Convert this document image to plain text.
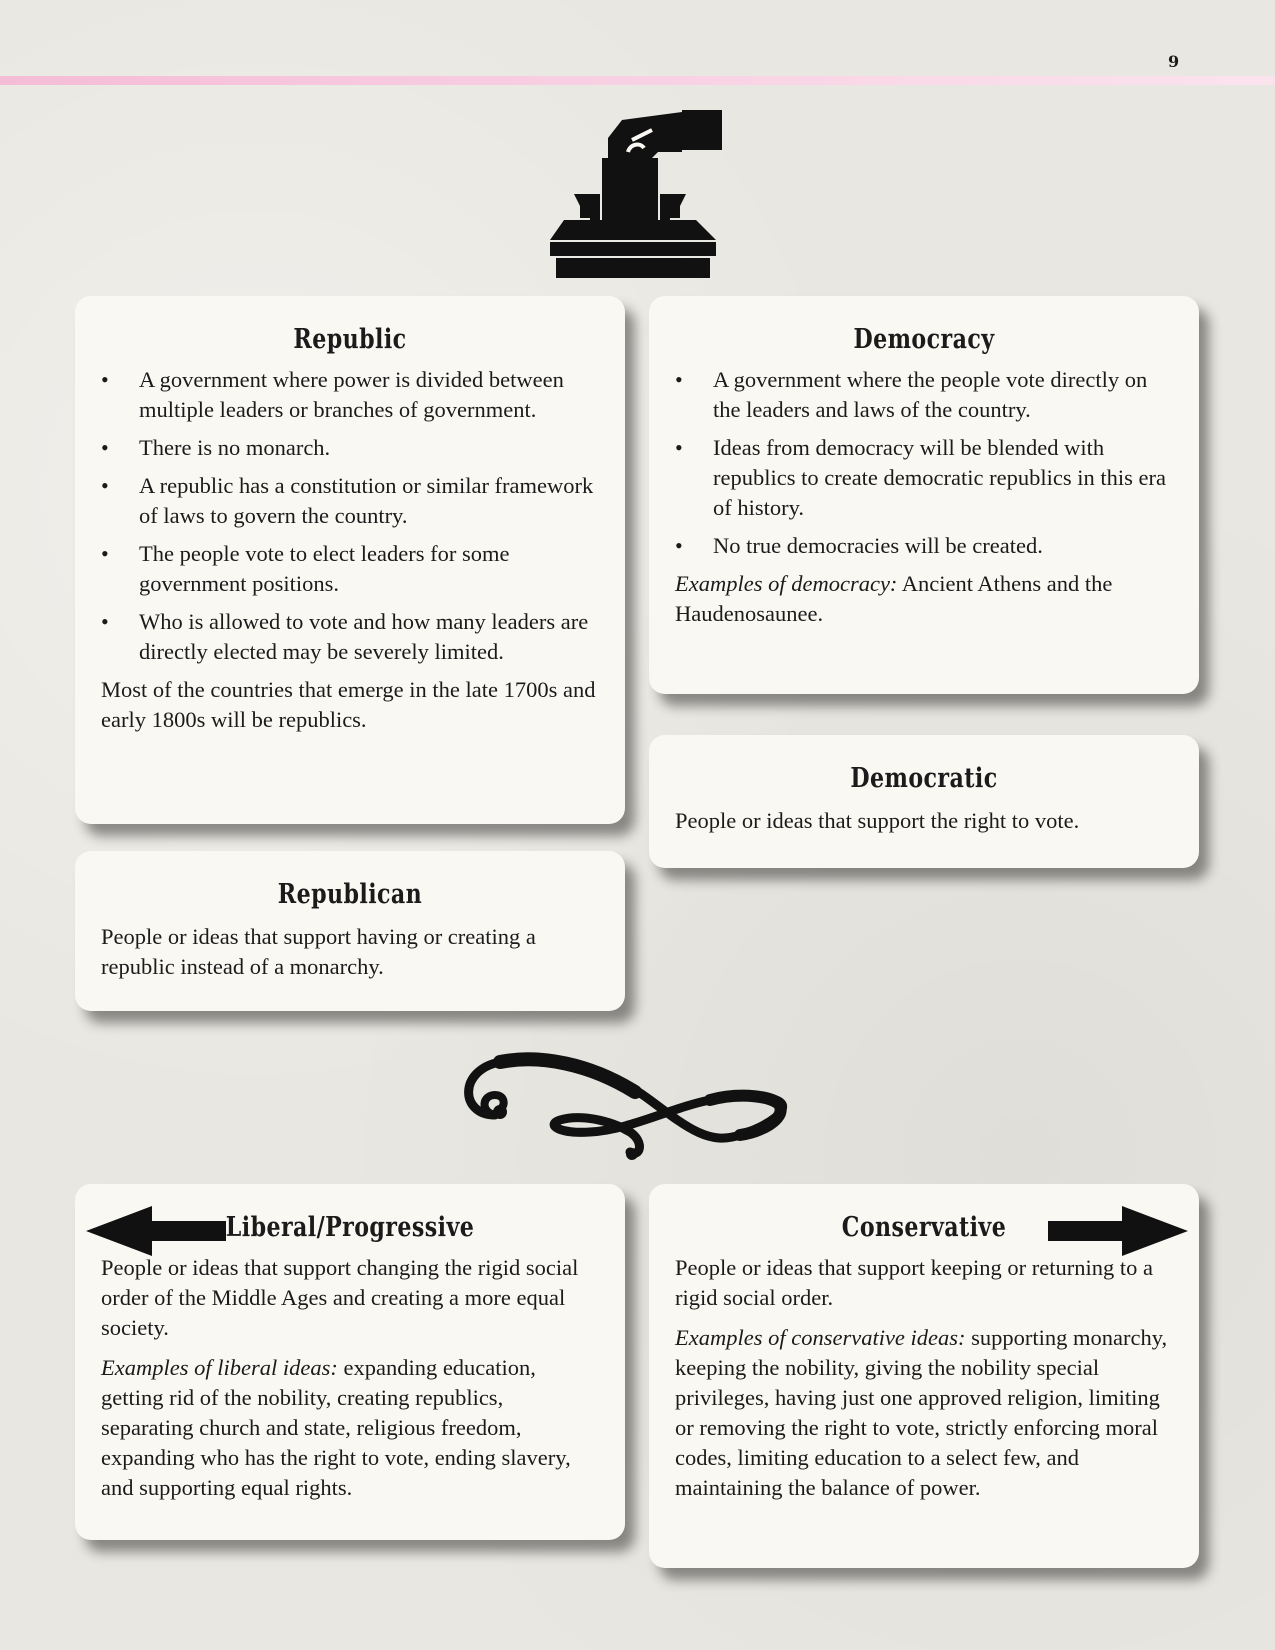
9
Republic
• A government where power is divided between multiple leaders or branches of government.
• There is no monarch.
• A republic has a constitution or similar framework of laws to govern the country.
• The people vote to elect leaders for some government positions.
• Who is allowed to vote and how many leaders are directly elected may be severely limited.

Most of the countries that emerge in the late 1700s and early 1800s will be republics.

Democracy
• A government where the people vote directly on the leaders and laws of the country.
• Ideas from democracy will be blended with republics to create democratic republics in this era of history.
• No true democracies will be created.

Examples of democracy: Ancient Athens and the Haudenosaunee.

Democratic

People or ideas that support the right to vote.

Republican

People or ideas that support having or creating a republic instead of a monarchy.

Liberal/Progressive

People or ideas that support changing the rigid social order of the Middle Ages and creating a more equal society.

Examples of liberal ideas: expanding education, getting rid of the nobility, creating republics, separating church and state, religious freedom, expanding who has the right to vote, ending slavery, and supporting equal rights.

Conservative

People or ideas that support keeping or returning to a rigid social order.

Examples of conservative ideas: supporting monarchy, keeping the nobility, giving the nobility special privileges, having just one approved religion, limiting or removing the right to vote, strictly enforcing moral codes, limiting education to a select few, and maintaining the balance of power.
